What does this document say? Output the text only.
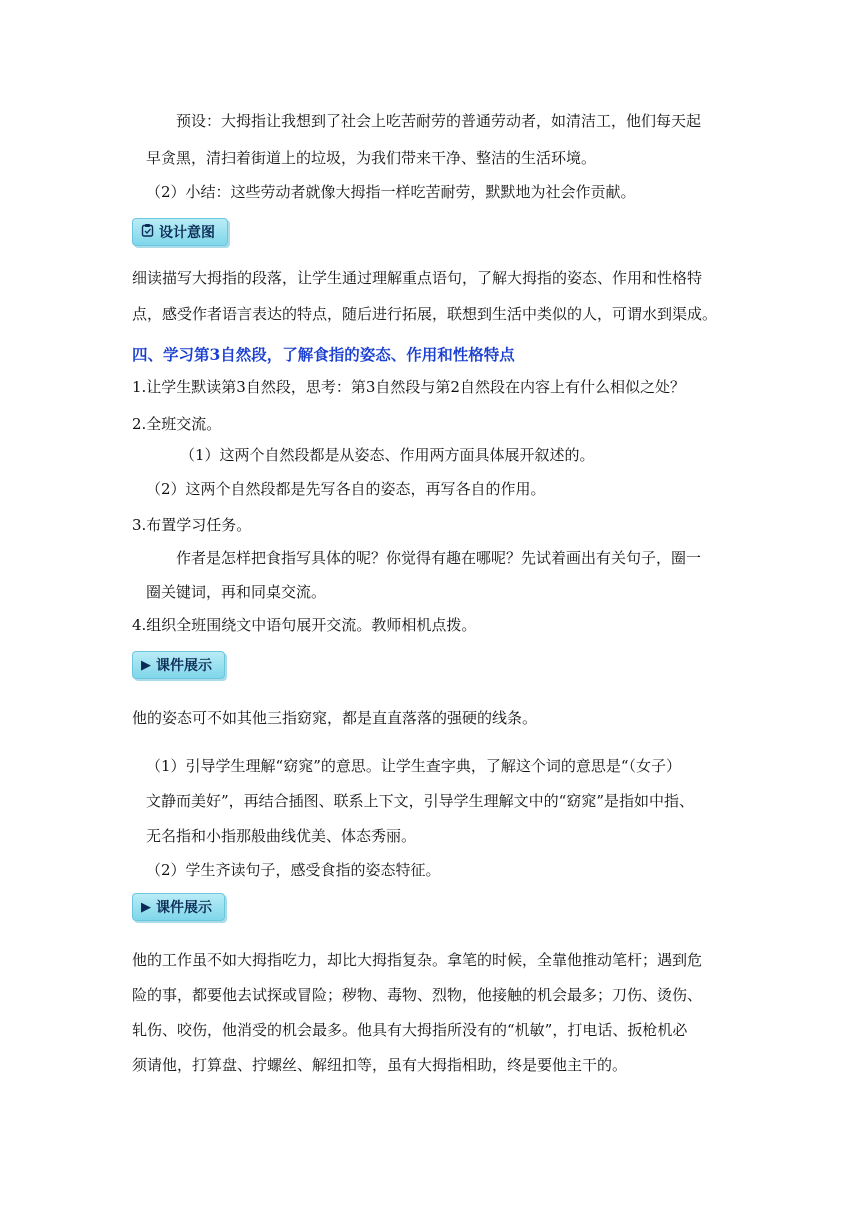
预设：大拇指让我想到了社会上吃苦耐劳的普通劳动者，如清洁工，他们每天起
早贪黑，清扫着街道上的垃圾，为我们带来干净、整洁的生活环境。
（2）小结：这些劳动者就像大拇指一样吃苦耐劳，默默地为社会作贡献。
设计意图
细读描写大拇指的段落，让学生通过理解重点语句，了解大拇指的姿态、作用和性格特
点，感受作者语言表达的特点，随后进行拓展，联想到生活中类似的人，可谓水到渠成。
四、学习第3自然段，了解食指的姿态、作用和性格特点
1.让学生默读第3自然段，思考：第3自然段与第2自然段在内容上有什么相似之处？
2.全班交流。
（1）这两个自然段都是从姿态、作用两方面具体展开叙述的。
（2）这两个自然段都是先写各自的姿态，再写各自的作用。
3.布置学习任务。
作者是怎样把食指写具体的呢？你觉得有趣在哪呢？先试着画出有关句子，圈一
圈关键词，再和同桌交流。
4.组织全班围绕文中语句展开交流。教师相机点拨。
▶ 课件展示
他的姿态可不如其他三指窈窕，都是直直落落的强硬的线条。
（1）引导学生理解“窈窕”的意思。让学生查字典，了解这个词的意思是“（女子）
文静而美好”，再结合插图、联系上下文，引导学生理解文中的“窈窕”是指如中指、
无名指和小指那般曲线优美、体态秀丽。
（2）学生齐读句子，感受食指的姿态特征。
▶ 课件展示
他的工作虽不如大拇指吃力，却比大拇指复杂。拿笔的时候，全靠他推动笔杆；遇到危
险的事，都要他去试探或冒险；秽物、毒物、烈物，他接触的机会最多；刀伤、烫伤、
轧伤、咬伤，他消受的机会最多。他具有大拇指所没有的“机敏”，打电话、扳枪机必
须请他，打算盘、拧螺丝、解纽扣等，虽有大拇指相助，终是要他主干的。
